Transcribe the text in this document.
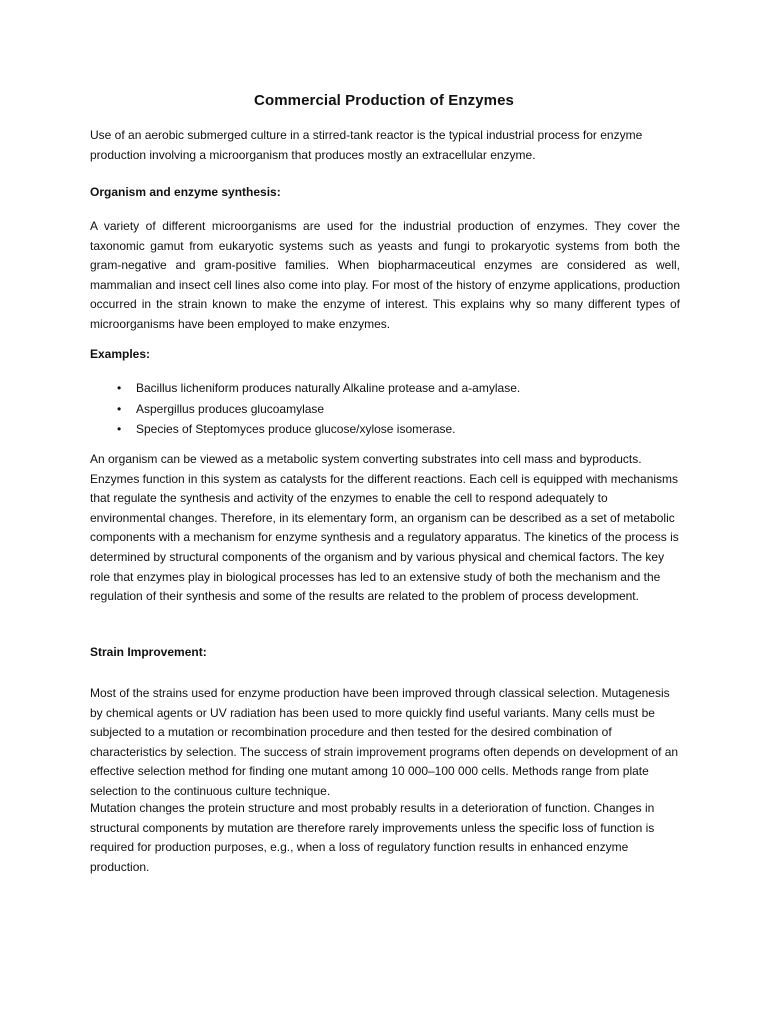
Commercial Production of Enzymes
Use of an aerobic submerged culture in a stirred-tank reactor is the typical industrial process for enzyme production involving a microorganism that produces mostly an extracellular enzyme.
Organism and enzyme synthesis:
A variety of different microorganisms are used for the industrial production of enzymes. They cover the taxonomic gamut from eukaryotic systems such as yeasts and fungi to prokaryotic systems from both the gram-negative and gram-positive families. When biopharmaceutical enzymes are considered as well, mammalian and insect cell lines also come into play. For most of the history of enzyme applications, production occurred in the strain known to make the enzyme of interest. This explains why so many different types of microorganisms have been employed to make enzymes.
Examples:
• Bacillus licheniform produces naturally Alkaline protease and a-amylase.
• Aspergillus produces glucoamylase
• Species of Steptomyces produce glucose/xylose isomerase.
An organism can be viewed as a metabolic system converting substrates into cell mass and byproducts. Enzymes function in this system as catalysts for the different reactions. Each cell is equipped with mechanisms that regulate the synthesis and activity of the enzymes to enable the cell to respond adequately to environmental changes. Therefore, in its elementary form, an organism can be described as a set of metabolic components with a mechanism for enzyme synthesis and a regulatory apparatus. The kinetics of the process is determined by structural components of the organism and by various physical and chemical factors. The key role that enzymes play in biological processes has led to an extensive study of both the mechanism and the regulation of their synthesis and some of the results are related to the problem of process development.
Strain Improvement:
Most of the strains used for enzyme production have been improved through classical selection. Mutagenesis by chemical agents or UV radiation has been used to more quickly find useful variants. Many cells must be subjected to a mutation or recombination procedure and then tested for the desired combination of characteristics by selection. The success of strain improvement programs often depends on development of an effective selection method for finding one mutant among 10 000–100 000 cells. Methods range from plate selection to the continuous culture technique.
Mutation changes the protein structure and most probably results in a deterioration of function. Changes in structural components by mutation are therefore rarely improvements unless the specific loss of function is required for production purposes, e.g., when a loss of regulatory function results in enhanced enzyme production.
